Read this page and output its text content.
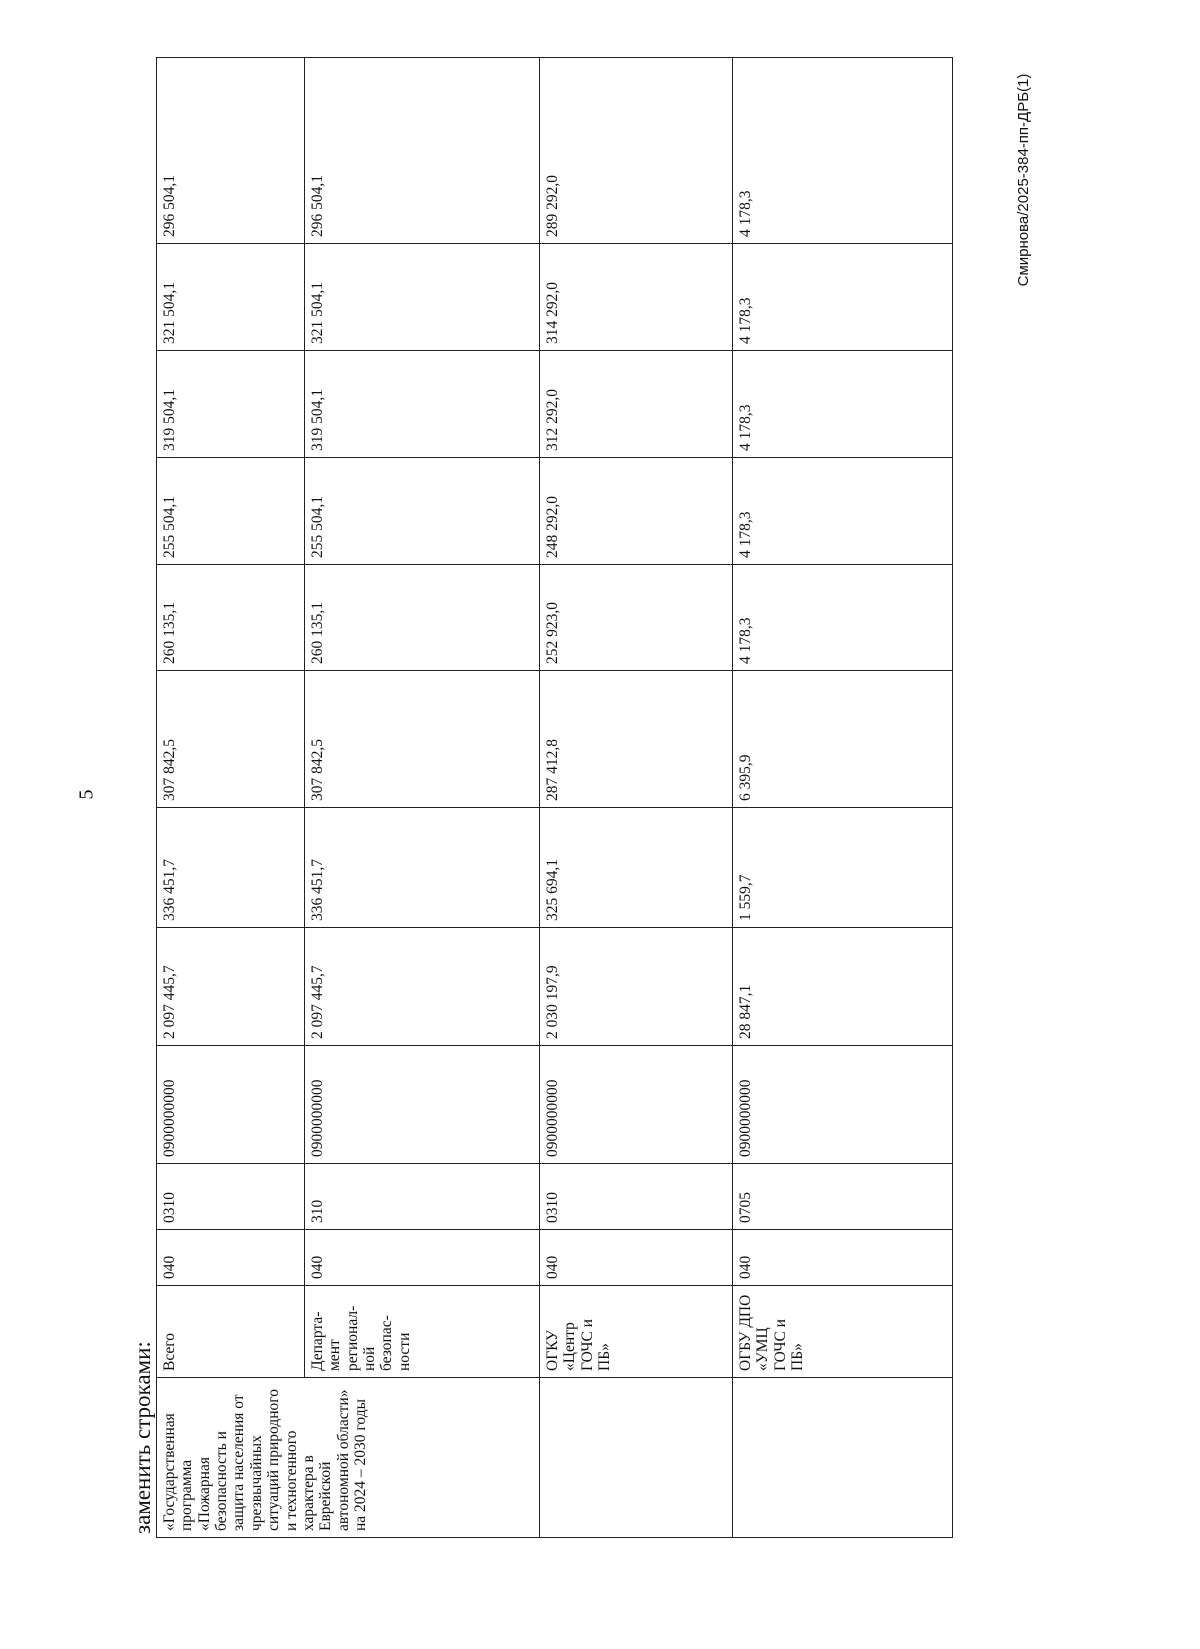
5
Смирнова/2025-384-пп-ДРБ(1)
заменить строками: «Государственная программа «Пожарная безопасность и защита населения от чрезвычайных ситуаций природного и техногенного характера в Еврейской автономной области» на 2024 – 2030 годы	Всего	040	0310	0900000000	2 097 445,7	336 451,7	307 842,5	260 135,1	255 504,1	319 504,1	321 504,1	296 504,1
	Департа-мент регионал-ной безопас-ности	040	310	0900000000	2 097 445,7	336 451,7	307 842,5	260 135,1	255 504,1	319 504,1	321 504,1	296 504,1
	ОГКУ «Центр ГОЧС и ПБ»	040	0310	0900000000	2 030 197,9	325 694,1	287 412,8	252 923,0	248 292,0	312 292,0	314 292,0	289 292,0
	ОГБУ ДПО «УМЦ ГОЧС и ПБ»	040	0705	0900000000	28 847,1	1 559,7	6 395,9	4 178,3	4 178,3	4 178,3	4 178,3	4 178,3
